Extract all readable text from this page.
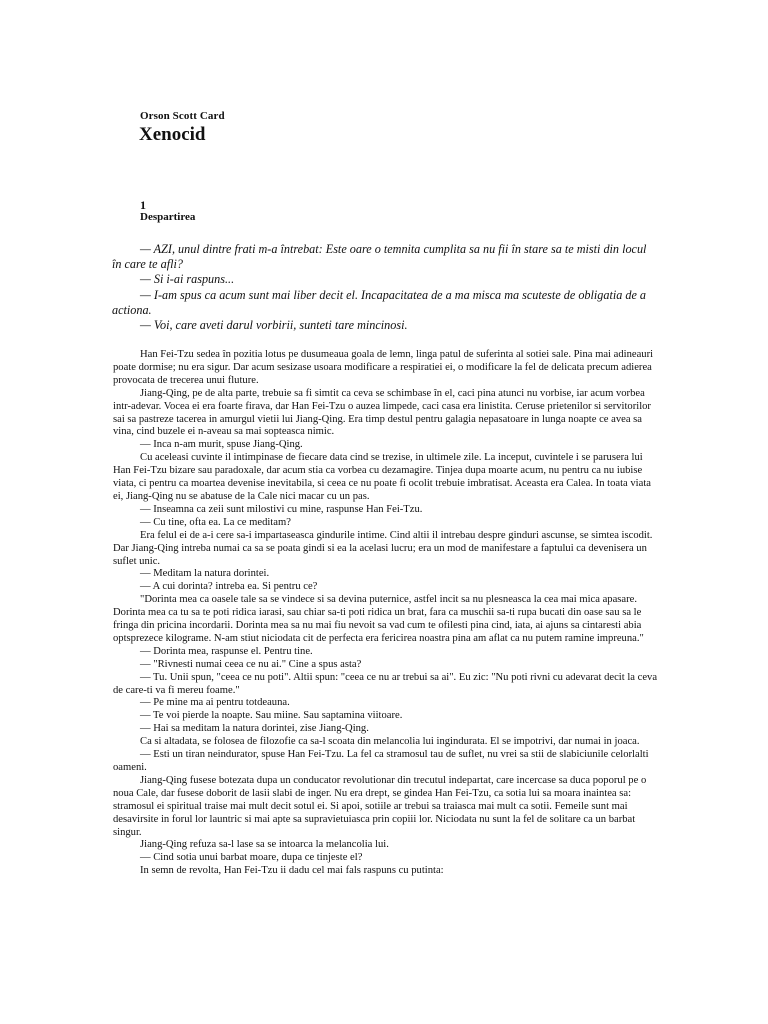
Orson Scott Card
Xenocid
1
Despartirea

— AZI, unul dintre frati m-a întrebat: Este oare o temnita cumplita sa nu fii în stare sa te misti din locul în care te afli?

— Si i-ai raspuns...

— I-am spus ca acum sunt mai liber decit el. Incapacitatea de a ma misca ma scuteste de obligatia de a actiona.

— Voi, care aveti darul vorbirii, sunteti tare mincinosi.

Han Fei-Tzu sedea în pozitia lotus pe dusumeaua goala de lemn, linga patul de suferinta al sotiei sale. Pina mai adineauri poate dormise; nu era sigur. Dar acum sesizase usoara modificare a respiratiei ei, o modificare la fel de delicata precum adierea provocata de trecerea unui fluture.

Jiang-Qing, pe de alta parte, trebuie sa fi simtit ca ceva se schimbase în el, caci pina atunci nu vorbise, iar acum vorbea intr-adevar. Vocea ei era foarte firava, dar Han Fei-Tzu o auzea limpede, caci casa era linistita. Ceruse prietenilor si servitorilor sai sa pastreze tacerea in amurgul vietii lui Jiang-Qing. Era timp destul pentru galagia nepasatoare in lunga noapte ce avea sa vina, cind buzele ei n-aveau sa mai sopteasca nimic.

— Inca n-am murit, spuse Jiang-Qing.

Cu aceleasi cuvinte il intimpinase de fiecare data cind se trezise, in ultimele zile. La inceput, cuvintele i se parusera lui Han Fei-Tzu bizare sau paradoxale, dar acum stia ca vorbea cu dezamagire. Tinjea dupa moarte acum, nu pentru ca nu iubise viata, ci pentru ca moartea devenise inevitabila, si ceea ce nu poate fi ocolit trebuie imbratisat. Aceasta era Calea. In toata viata ei, Jiang-Qing nu se abatuse de la Cale nici macar cu un pas.

— Inseamna ca zeii sunt milostivi cu mine, raspunse Han Fei-Tzu.

— Cu tine, ofta ea. La ce meditam?

Era felul ei de a-i cere sa-i impartaseasca gindurile intime. Cind altii il intrebau despre ginduri ascunse, se simtea iscodit. Dar Jiang-Qing intreba numai ca sa se poata gindi si ea la acelasi lucru; era un mod de manifestare a faptului ca devenisera un suflet unic.

— Meditam la natura dorintei.

— A cui dorinta? intreba ea. Si pentru ce?

"Dorinta mea ca oasele tale sa se vindece si sa devina puternice, astfel incit sa nu plesneasca la cea mai mica apasare. Dorinta mea ca tu sa te poti ridica iarasi, sau chiar sa-ti poti ridica un brat, fara ca muschii sa-ti rupa bucati din oase sau sa le fringa din pricina incordarii. Dorinta mea sa nu mai fiu nevoit sa vad cum te ofilesti pina cind, iata, ai ajuns sa cintaresti abia optsprezece kilograme. N-am stiut niciodata cit de perfecta era fericirea noastra pina am aflat ca nu putem ramine impreuna."

— Dorinta mea, raspunse el. Pentru tine.

— "Rivnesti numai ceea ce nu ai." Cine a spus asta?

— Tu. Unii spun, "ceea ce nu poti". Altii spun: "ceea ce nu ar trebui sa ai". Eu zic: "Nu poti rivni cu adevarat decit la ceva de care-ti va fi mereu foame."

— Pe mine ma ai pentru totdeauna.

— Te voi pierde la noapte. Sau miine. Sau saptamina viitoare.

— Hai sa meditam la natura dorintei, zise Jiang-Qing.

Ca si altadata, se folosea de filozofie ca sa-l scoata din melancolia lui ingindurata. El se impotrivi, dar numai in joaca.

— Esti un tiran neindurator, spuse Han Fei-Tzu. La fel ca stramosul tau de suflet, nu vrei sa stii de slabiciunile celorlalti oameni.

Jiang-Qing fusese botezata dupa un conducator revolutionar din trecutul indepartat, care incercase sa duca poporul pe o noua Cale, dar fusese doborit de lasii slabi de inger. Nu era drept, se gindea Han Fei-Tzu, ca sotia lui sa moara inaintea sa: stramosul ei spiritual traise mai mult decit sotul ei. Si apoi, sotiile ar trebui sa traiasca mai mult ca sotii. Femeile sunt mai desavirsite in forul lor launtric si mai apte sa supravietuiasca prin copiii lor. Niciodata nu sunt la fel de solitare ca un barbat singur.

Jiang-Qing refuza sa-l lase sa se intoarca la melancolia lui.

— Cind sotia unui barbat moare, dupa ce tinjeste el?

In semn de revolta, Han Fei-Tzu ii dadu cel mai fals raspuns cu putinta:
